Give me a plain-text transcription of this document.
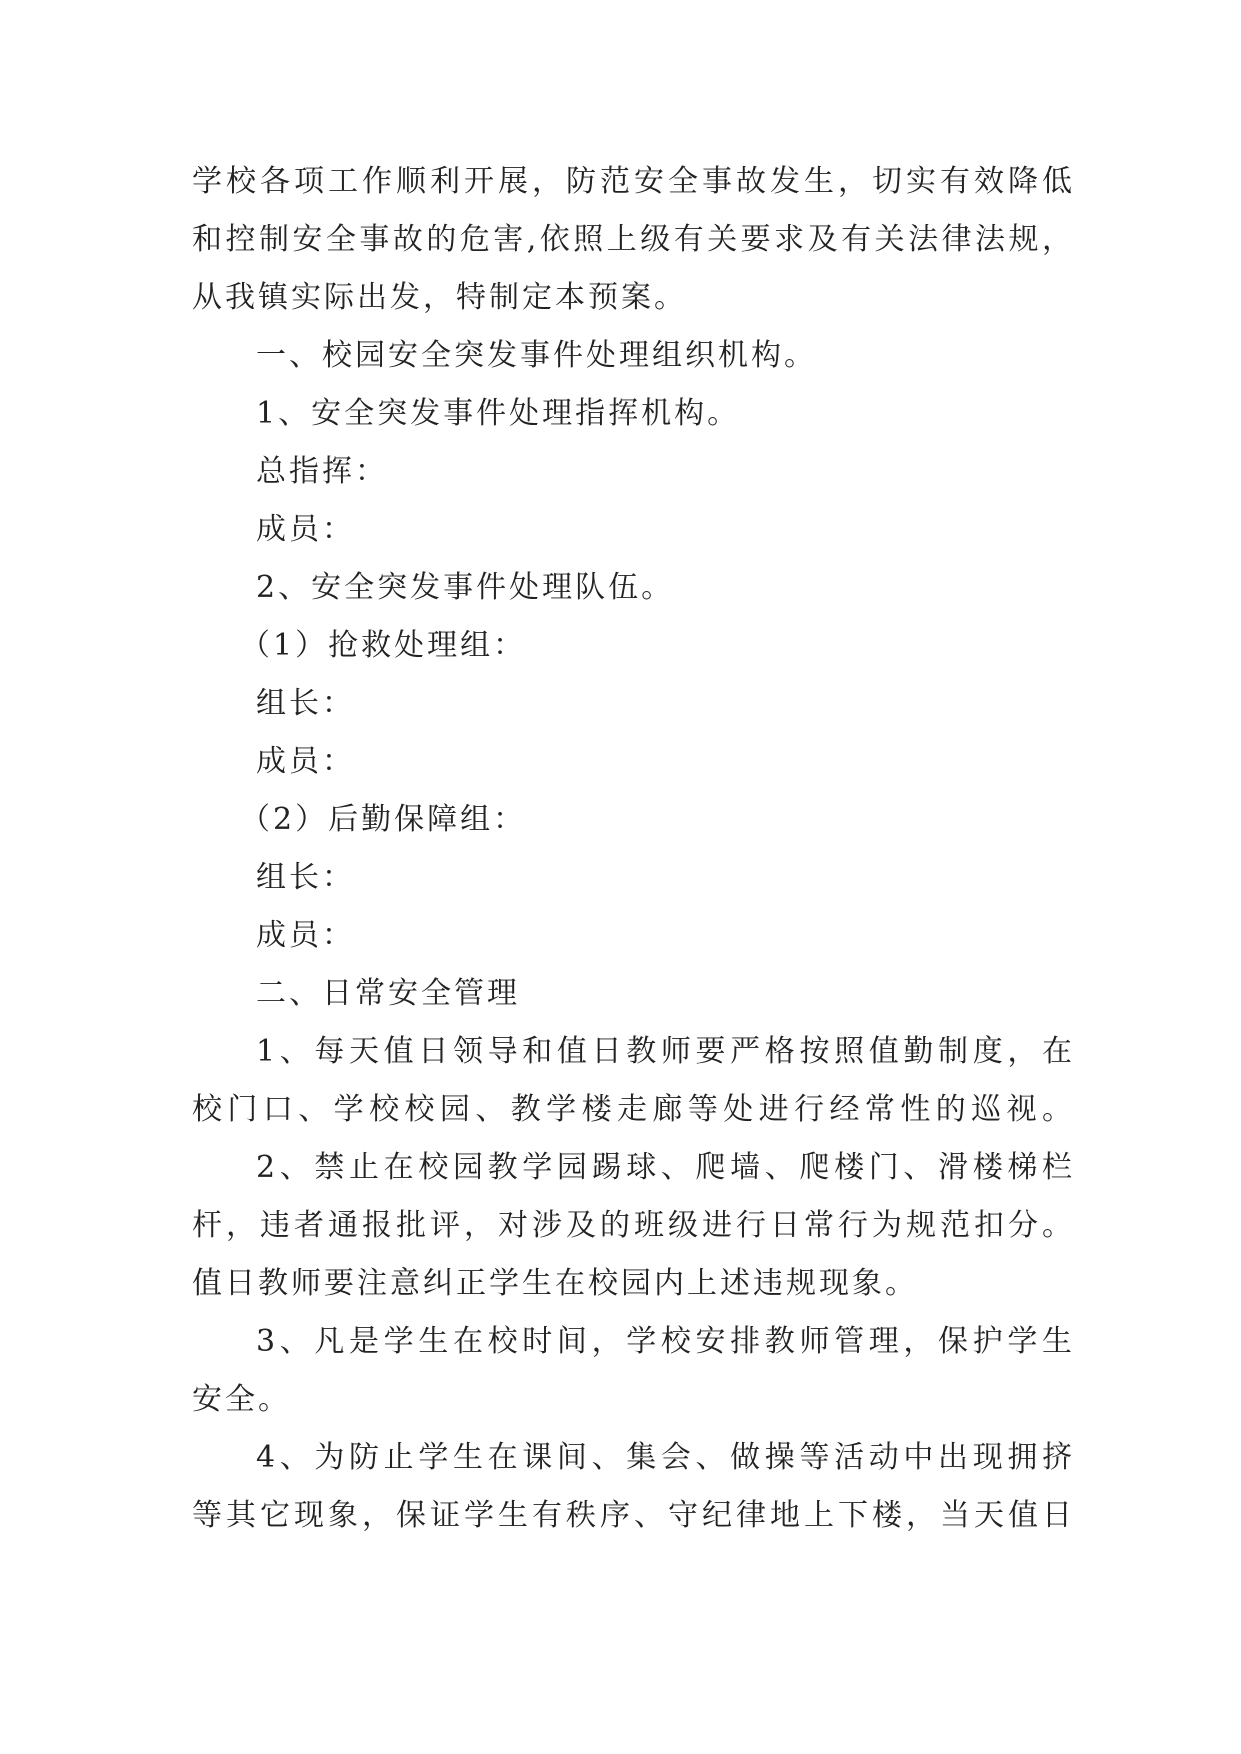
学校各项工作顺利开展，防范安全事故发生，切实有效降低
和控制安全事故的危害,依照上级有关要求及有关法律法规，
从我镇实际出发，特制定本预案。
一、校园安全突发事件处理组织机构。
1、安全突发事件处理指挥机构。
总指挥：
成员：
2、安全突发事件处理队伍。
（1）抢救处理组：
组长：
成员：
（2）后勤保障组：
组长：
成员：
二、日常安全管理
1、每天值日领导和值日教师要严格按照值勤制度，在
校门口、学校校园、教学楼走廊等处进行经常性的巡视。
2、禁止在校园教学园踢球、爬墙、爬楼门、滑楼梯栏
杆，违者通报批评，对涉及的班级进行日常行为规范扣分。
值日教师要注意纠正学生在校园内上述违规现象。
3、凡是学生在校时间，学校安排教师管理，保护学生
安全。
4、为防止学生在课间、集会、做操等活动中出现拥挤
等其它现象，保证学生有秩序、守纪律地上下楼，当天值日
